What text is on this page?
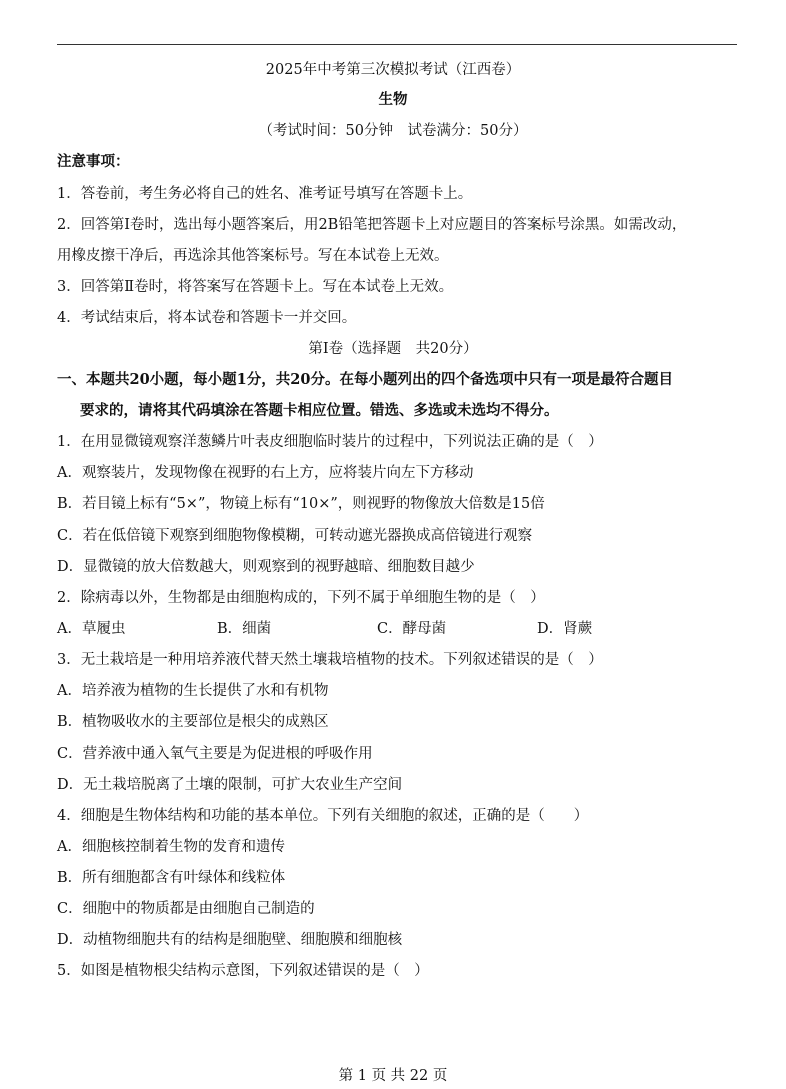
2025年中考第三次模拟考试（江西卷）
生物
（考试时间：50分钟　试卷满分：50分）
注意事项：
1．答卷前，考生务必将自己的姓名、准考证号填写在答题卡上。
2．回答第Ⅰ卷时，选出每小题答案后，用2B铅笔把答题卡上对应题目的答案标号涂黑。如需改动，
用橡皮擦干净后，再选涂其他答案标号。写在本试卷上无效。
3．回答第Ⅱ卷时，将答案写在答题卡上。写在本试卷上无效。
4．考试结束后，将本试卷和答题卡一并交回。
第Ⅰ卷（选择题　共20分）
一、本题共20小题，每小题1分，共20分。在每小题列出的四个备选项中只有一项是最符合题目
要求的，请将其代码填涂在答题卡相应位置。错选、多选或未选均不得分。
1．在用显微镜观察洋葱鳞片叶表皮细胞临时装片的过程中，下列说法正确的是（　）
A．观察装片，发现物像在视野的右上方，应将装片向左下方移动
B．若目镜上标有“5×”，物镜上标有“10×”，则视野的物像放大倍数是15倍
C．若在低倍镜下观察到细胞物像模糊，可转动遮光器换成高倍镜进行观察
D．显微镜的放大倍数越大，则观察到的视野越暗、细胞数目越少
2．除病毒以外，生物都是由细胞构成的，下列不属于单细胞生物的是（　）
A．草履虫	B．细菌	C．酵母菌	D．肾蕨
3．无土栽培是一种用培养液代替天然土壤栽培植物的技术。下列叙述错误的是（　）
A．培养液为植物的生长提供了水和有机物
B．植物吸收水的主要部位是根尖的成熟区
C．营养液中通入氧气主要是为促进根的呼吸作用
D．无土栽培脱离了土壤的限制，可扩大农业生产空间
4．细胞是生物体结构和功能的基本单位。下列有关细胞的叙述，正确的是（　　）
A．细胞核控制着生物的发育和遗传
B．所有细胞都含有叶绿体和线粒体
C．细胞中的物质都是由细胞自己制造的
D．动植物细胞共有的结构是细胞壁、细胞膜和细胞核
5．如图是植物根尖结构示意图，下列叙述错误的是（　）
第 1 页 共 22 页
